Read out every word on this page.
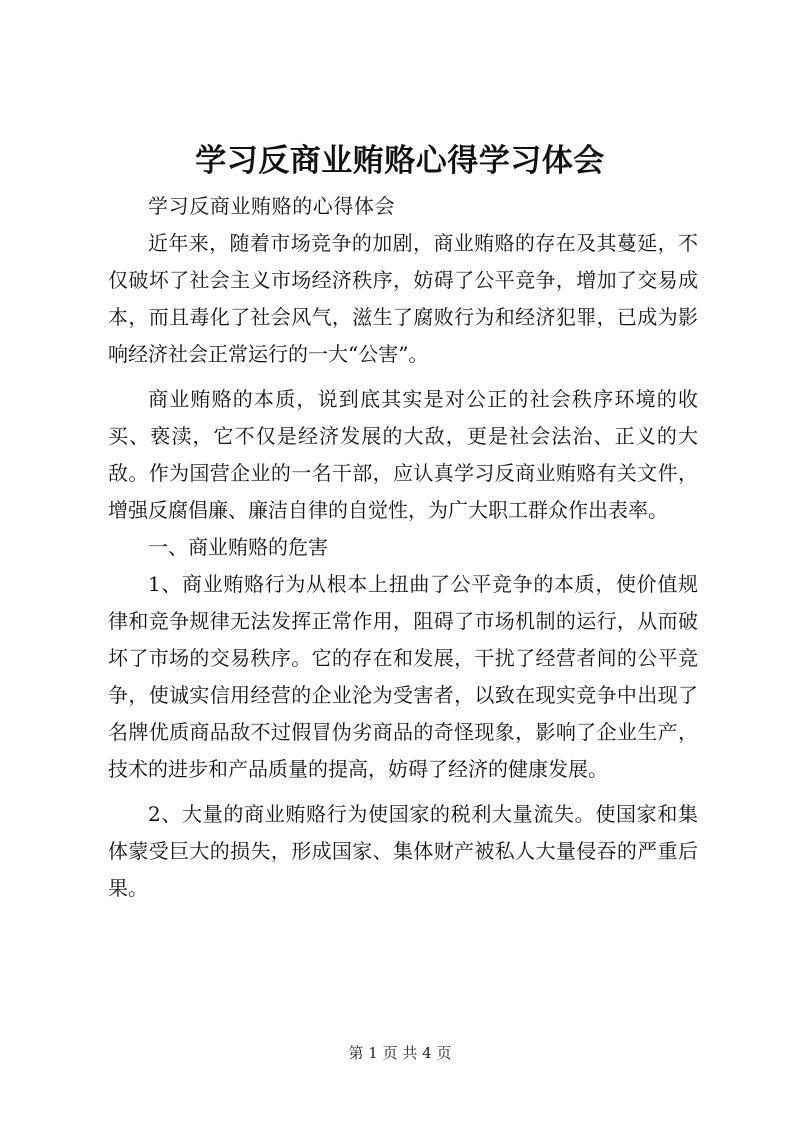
学习反商业贿赂心得学习体会

学习反商业贿赂的心得体会

近年来，随着市场竞争的加剧，商业贿赂的存在及其蔓延，不仅破坏了社会主义市场经济秩序，妨碍了公平竞争，增加了交易成本，而且毒化了社会风气，滋生了腐败行为和经济犯罪，已成为影响经济社会正常运行的一大“公害”。

商业贿赂的本质，说到底其实是对公正的社会秩序环境的收买、亵渎，它不仅是经济发展的大敌，更是社会法治、正义的大敌。作为国营企业的一名干部，应认真学习反商业贿赂有关文件，增强反腐倡廉、廉洁自律的自觉性，为广大职工群众作出表率。

一、商业贿赂的危害

1、商业贿赂行为从根本上扭曲了公平竞争的本质，使价值规律和竞争规律无法发挥正常作用，阻碍了市场机制的运行，从而破坏了市场的交易秩序。它的存在和发展，干扰了经营者间的公平竞争，使诚实信用经营的企业沦为受害者，以致在现实竞争中出现了名牌优质商品敌不过假冒伪劣商品的奇怪现象，影响了企业生产，技术的进步和产品质量的提高，妨碍了经济的健康发展。

2、大量的商业贿赂行为使国家的税利大量流失。使国家和集体蒙受巨大的损失，形成国家、集体财产被私人大量侵吞的严重后果。

第 1 页 共 4 页
